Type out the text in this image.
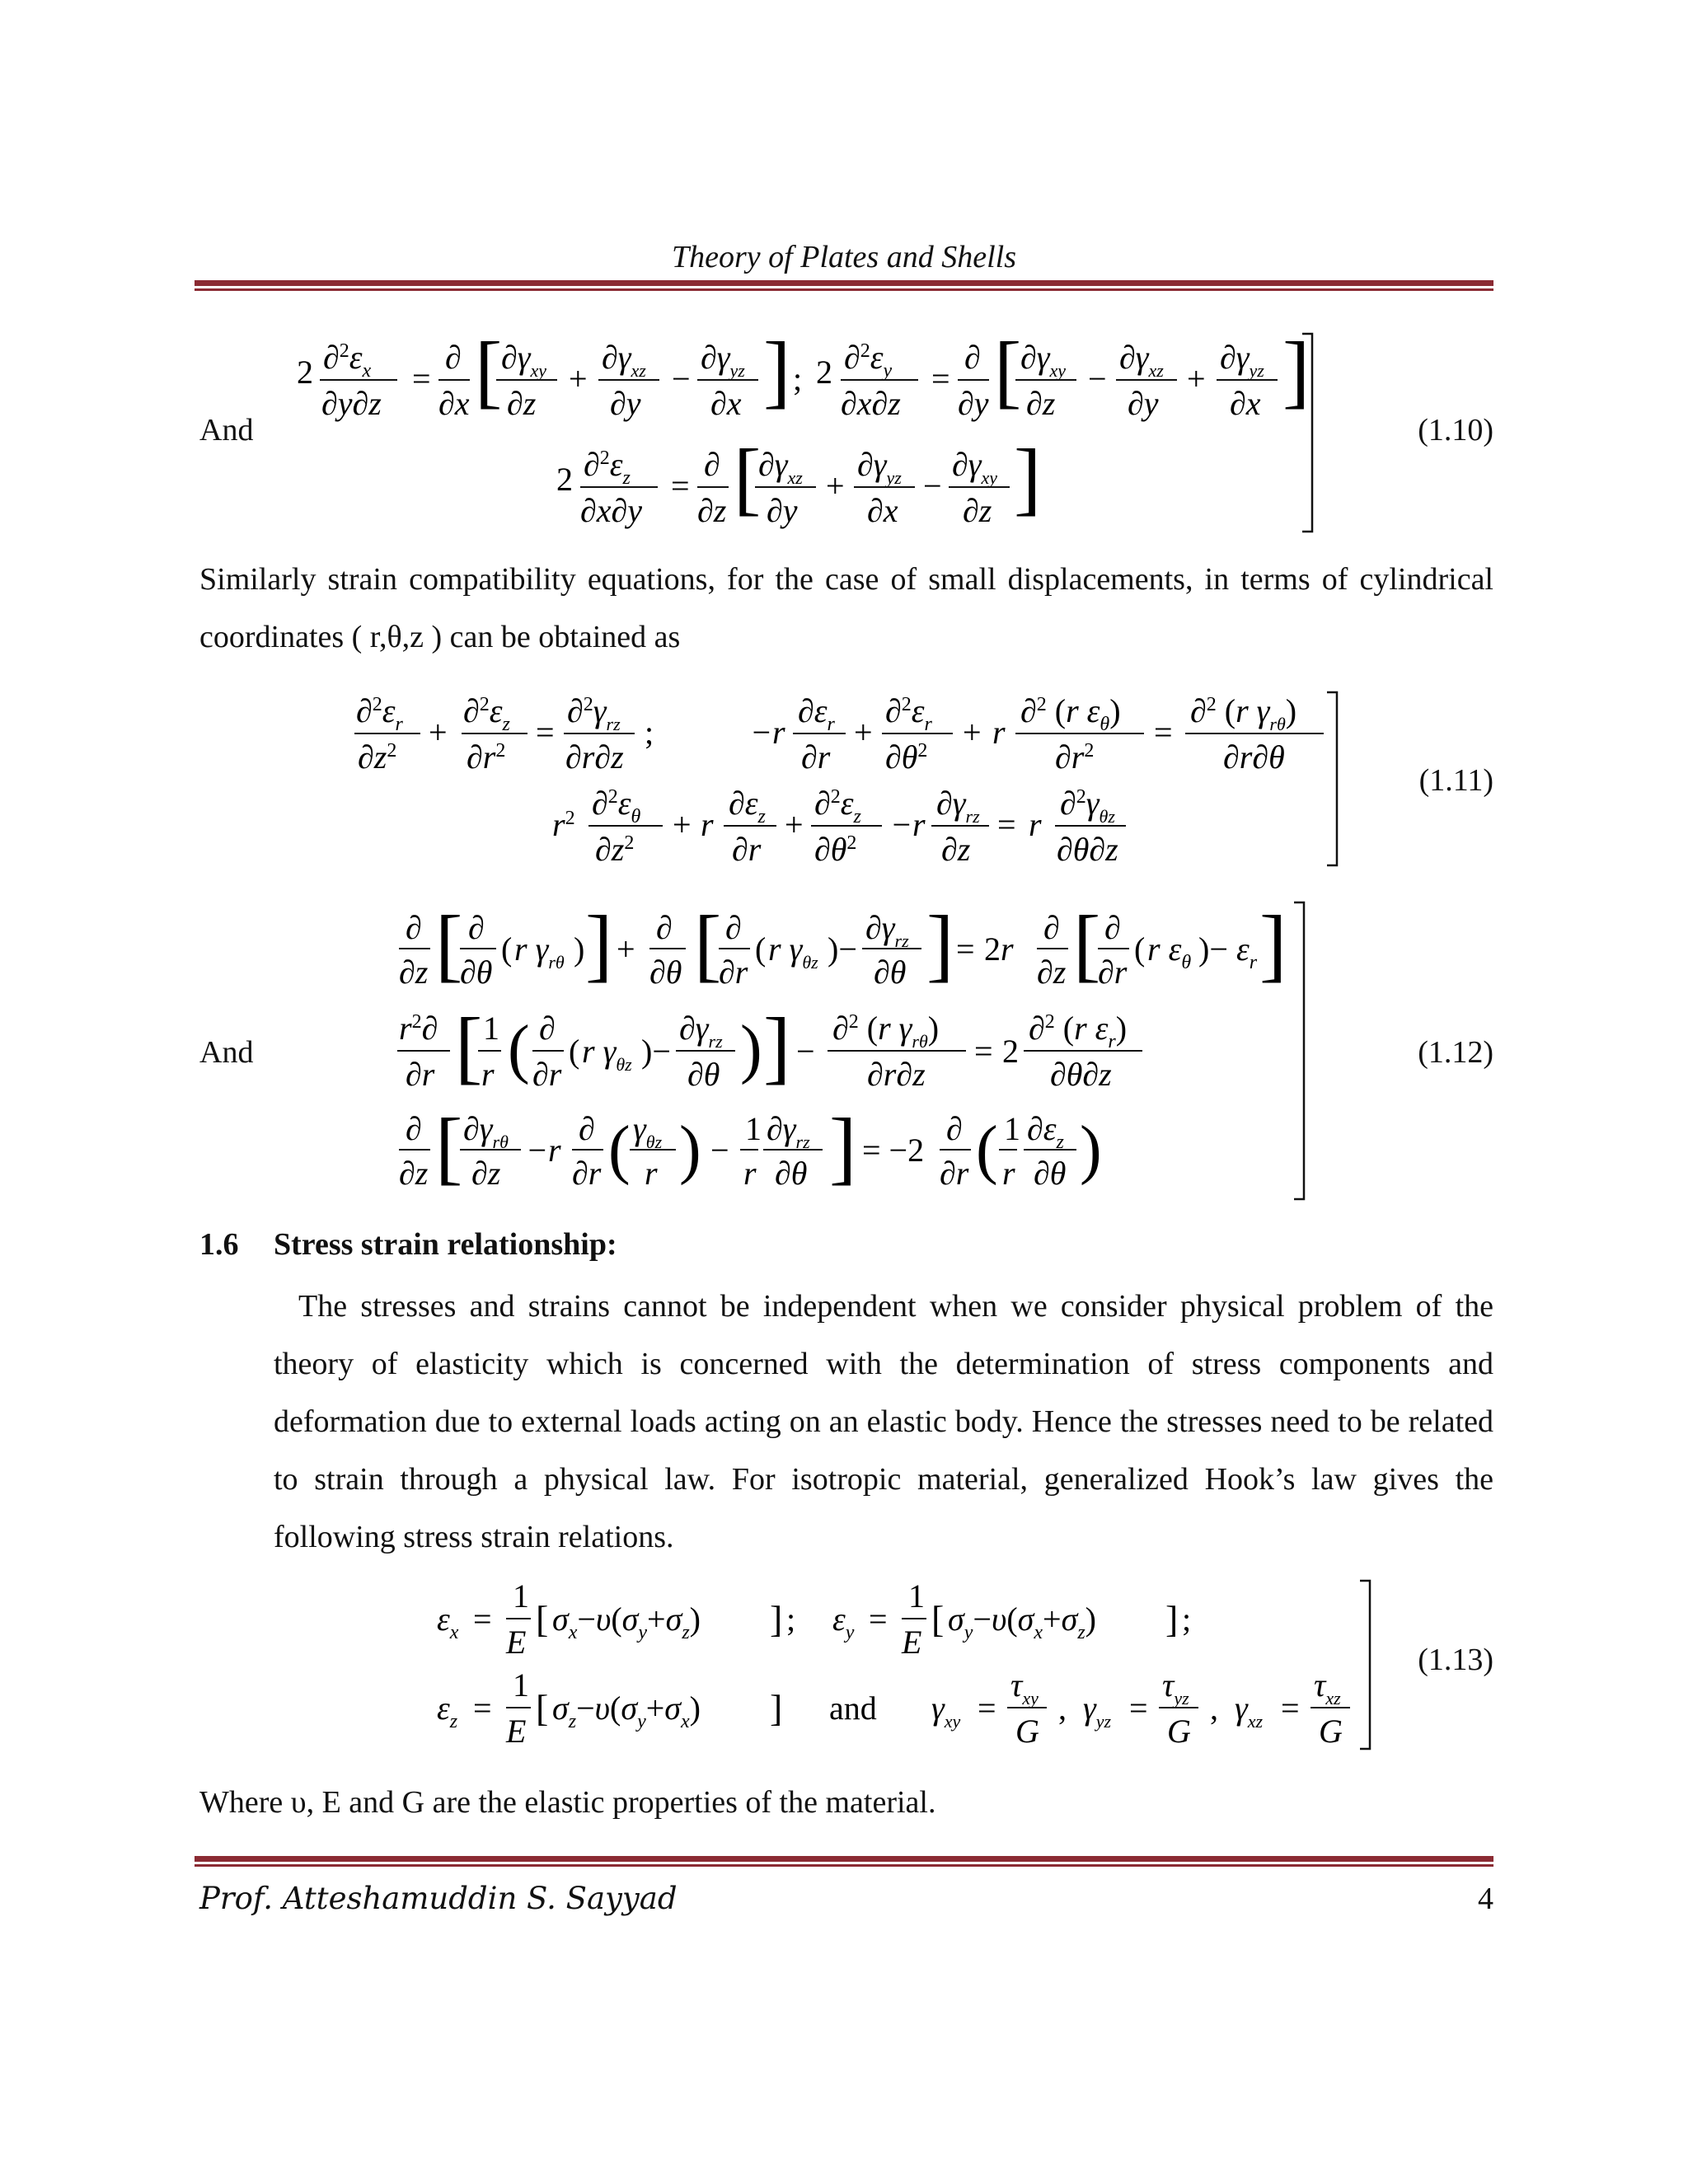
Theory of Plates and Shells
And
2 $\partial^2\varepsilon_x$
∂y∂z
=
∂
∂x [
$\partial\gamma_{xy}$
∂z
+
$\partial\gamma_{xz}$
∂y
−
$\partial\gamma_{yz}$
∂x ] ; 2 $\partial^2\varepsilon_y$
∂x∂z
=
∂
∂y [
$\partial\gamma_{xy}$
∂z
−
$\partial\gamma_{xz}$
∂y
+
$\partial\gamma_{yz}$
∂x ]
2 $\partial^2\varepsilon_z$
∂x∂y
=
∂
∂z [
$\partial\gamma_{xz}$
∂y
+
$\partial\gamma_{yz}$
∂x
−
$\partial\gamma_{xy}$
∂z ]
(1.10)
Similarly strain compatibility equations, for the case of small displacements, in terms of cylindrical coordinates ( r,θ,z ) can be obtained as
$\partial^2\varepsilon_r$
$\partial z^2$ +
$\partial^2\varepsilon_z$
$\partial r^2$ =
$\partial^2\gamma_{rz}$
∂r∂z
;	−r
$\partial\varepsilon_r$
∂r
+
$\partial^2\varepsilon_r$
$\partial\theta^2 + r$
∂$^2$ (r $\varepsilon_\theta$)
$\partial r^2$ =
∂$^2$ (r $\gamma_{r\theta}$)
∂r∂θ
$r^2$ $\partial^2\varepsilon_\theta$
$\partial z^2 + r$
$\partial\varepsilon_z$
∂r
+
$\partial^2\varepsilon_z$
$\partial\theta^2 -r$
$\partial\gamma_{rz}$
∂z
= r
$\partial^2\gamma_{\theta z}$
∂θ∂z
(1.11)
And
∂
∂z [ ∂
∂θ
( r $\gamma_{r\theta}$ ) ] +
∂
∂θ [ ∂
∂r
( r $\gamma_{\theta z}$ )−
$\partial\gamma_{rz}$
∂θ ] = 2r
∂
∂z [ ∂
∂r
( r $\varepsilon_\theta$ )− $\varepsilon_r$ ]
$r^2\partial$
∂r [ 1
r ( ∂
∂r
( r $\gamma_{\theta z}$ )−
$\partial\gamma_{rz}$
∂θ ) ] −
∂$^2$ (r $\gamma_{r\theta}$)
∂r∂z
= 2
∂$^2$ (r $\varepsilon_r$)
∂θ∂z
∂
∂z [ $\partial\gamma_{r\theta}$
∂z
−r
∂
∂r ( $\gamma_{\theta z}$
r ) −
1
r
$\partial\gamma_{rz}$
∂θ ] = −2
∂
∂r ( 1
r
$\partial\varepsilon_z$
∂θ )
(1.12)
1.6 Stress strain relationship:
The stresses and strains cannot be independent when we consider physical problem of the theory of elasticity which is concerned with the determination of stress components and deformation due to external loads acting on an elastic body. Hence the stresses need to be related to strain through a physical law. For isotropic material, generalized Hook’s law gives the following stress strain relations.
$\varepsilon_x$ =
1
E
[ $\sigma_x-\upsilon(\sigma_y+\sigma_z)$ ] ; $\varepsilon_y$ =
1
E
[ $\sigma_y-\upsilon(\sigma_x+\sigma_z)$ ] ;
$\varepsilon_z$ =
1
E
[ $\sigma_z-\upsilon(\sigma_y+\sigma_x)$ ] and $\gamma_{xy}$ =
$\tau_{xy}$
G
, $\gamma_{yz}$ =
$\tau_{yz}$
G
, $\gamma_{xz}$ =
$\tau_{xz}$
G
(1.13)
Where υ, E and G are the elastic properties of the material.
Prof. Atteshamuddin S. Sayyad	4
